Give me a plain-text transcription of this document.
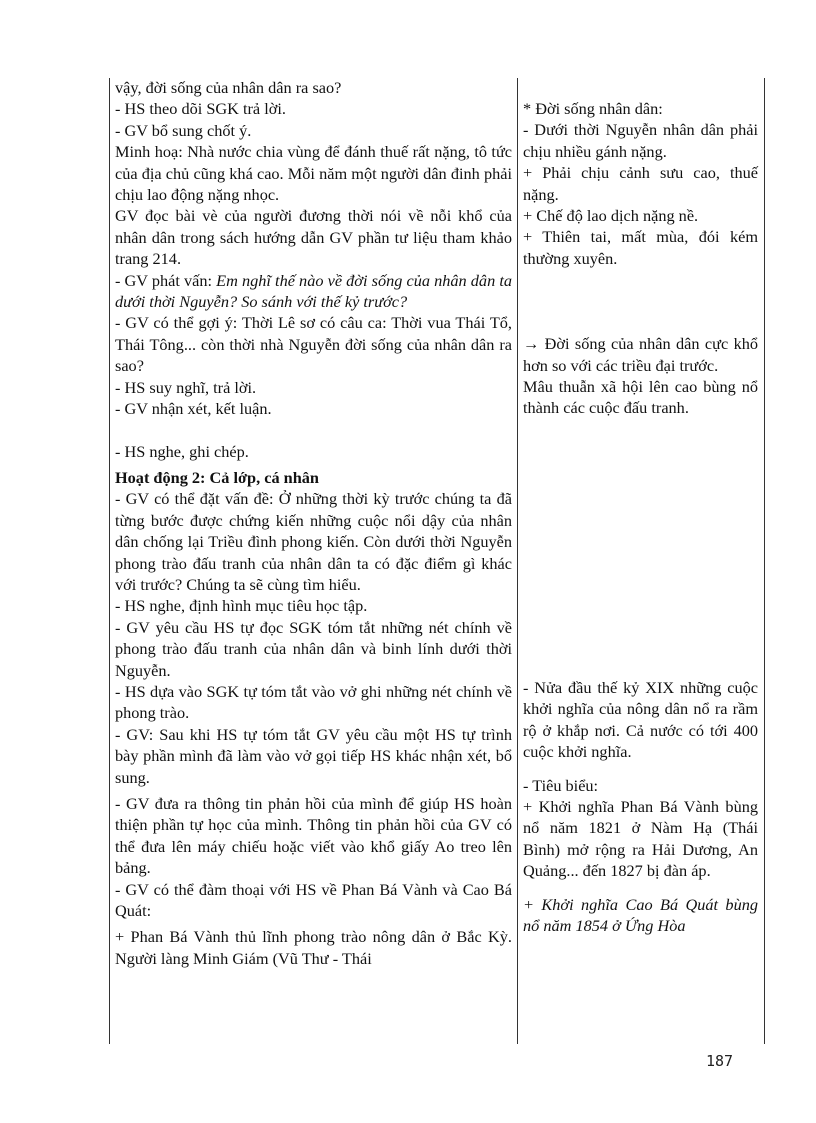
vậy, đời sống của nhân dân ra sao?
- HS theo dõi SGK trả lời.
- GV bổ sung chốt ý.
Minh hoạ: Nhà nước chia vùng để đánh thuế rất nặng, tô tức của địa chủ cũng khá cao. Mỗi năm một người dân đinh phải chịu lao động nặng nhọc.
GV đọc bài vè của người đương thời nói về nỗi khổ của nhân dân trong sách hướng dẫn GV phần tư liệu tham khảo trang 214.
- GV phát vấn: Em nghĩ thế nào về đời sống của nhân dân ta dưới thời Nguyễn? So sánh với thế kỷ trước?
- GV có thể gợi ý: Thời Lê sơ có câu ca: Thời vua Thái Tổ, Thái Tông... còn thời nhà Nguyễn đời sống của nhân dân ra sao?
- HS suy nghĩ, trả lời.
- GV nhận xét, kết luận.
- HS nghe, ghi chép.
Hoạt động 2: Cả lớp, cá nhân
- GV có thể đặt vấn đề: Ở những thời kỳ trước chúng ta đã từng bước được chứng kiến những cuộc nổi dậy của nhân dân chống lại Triều đình phong kiến. Còn dưới thời Nguyễn phong trào đấu tranh của nhân dân ta có đặc điểm gì khác với trước? Chúng ta sẽ cùng tìm hiểu.
- HS nghe, định hình mục tiêu học tập.
- GV yêu cầu HS tự đọc SGK tóm tắt những nét chính về phong trào đấu tranh của nhân dân và binh lính dưới thời Nguyễn.
- HS dựa vào SGK tự tóm tắt vào vở ghi những nét chính về phong trào.
- GV: Sau khi HS tự tóm tắt GV yêu cầu một HS tự trình bày phần mình đã làm vào vở gọi tiếp HS khác nhận xét, bổ sung.
- GV đưa ra thông tin phản hồi của mình để giúp HS hoàn thiện phần tự học của mình. Thông tin phản hồi của GV có thể đưa lên máy chiếu hoặc viết vào khổ giấy Ao treo lên bảng.
- GV có thể đàm thoại với HS về Phan Bá Vành và Cao Bá Quát:
+ Phan Bá Vành thủ lĩnh phong trào nông dân ở Bắc Kỳ. Người làng Minh Giám (Vũ Thư - Thái
* Đời sống nhân dân:
- Dưới thời Nguyễn nhân dân phải chịu nhiều gánh nặng.
+ Phải chịu cảnh sưu cao, thuế nặng.
+ Chế độ lao dịch nặng nề.
+ Thiên tai, mất mùa, đói kém thường xuyên.
→ Đời sống của nhân dân cực khổ hơn so với các triều đại trước.
Mâu thuẫn xã hội lên cao bùng nổ thành các cuộc đấu tranh.
- Nửa đầu thế kỷ XIX những cuộc khởi nghĩa của nông dân nổ ra rầm rộ ở khắp nơi. Cả nước có tới 400 cuộc khởi nghĩa.
- Tiêu biểu:
+ Khởi nghĩa Phan Bá Vành bùng nổ năm 1821 ở Nàm Hạ (Thái Bình) mở rộng ra Hải Dương, An Quảng... đến 1827 bị đàn áp.
+ Khởi nghĩa Cao Bá Quát bùng nổ năm 1854 ở Ứng Hòa
187
